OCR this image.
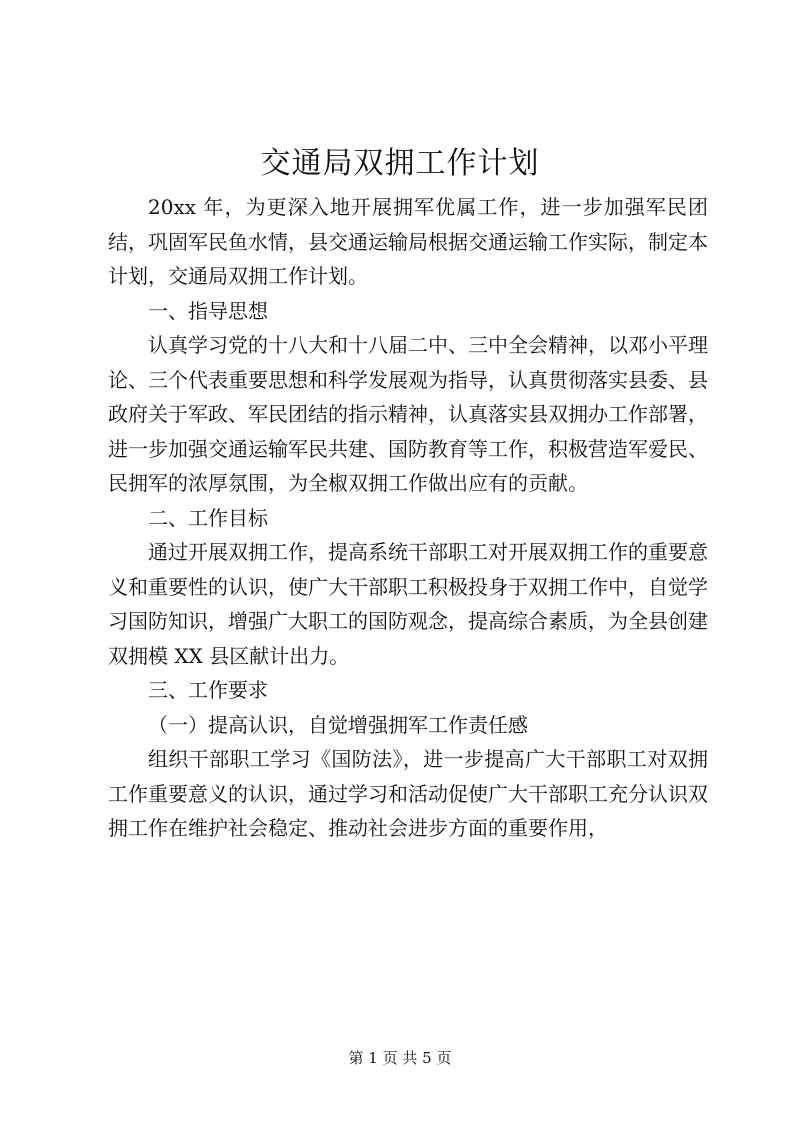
交通局双拥工作计划

20xx 年，为更深入地开展拥军优属工作，进一步加强军民团结，巩固军民鱼水情，县交通运输局根据交通运输工作实际，制定本计划，交通局双拥工作计划。

一、指导思想

认真学习党的十八大和十八届二中、三中全会精神，以邓小平理论、三个代表重要思想和科学发展观为指导，认真贯彻落实县委、县政府关于军政、军民团结的指示精神，认真落实县双拥办工作部署，进一步加强交通运输军民共建、国防教育等工作，积极营造军爱民、民拥军的浓厚氛围，为全椒双拥工作做出应有的贡献。

二、工作目标

通过开展双拥工作，提高系统干部职工对开展双拥工作的重要意义和重要性的认识，使广大干部职工积极投身于双拥工作中，自觉学习国防知识，增强广大职工的国防观念，提高综合素质，为全县创建双拥模 XX 县区献计出力。

三、工作要求

（一）提高认识，自觉增强拥军工作责任感

组织干部职工学习《国防法》，进一步提高广大干部职工对双拥工作重要意义的认识，通过学习和活动促使广大干部职工充分认识双拥工作在维护社会稳定、推动社会进步方面的重要作用，

第 1 页 共 5 页
